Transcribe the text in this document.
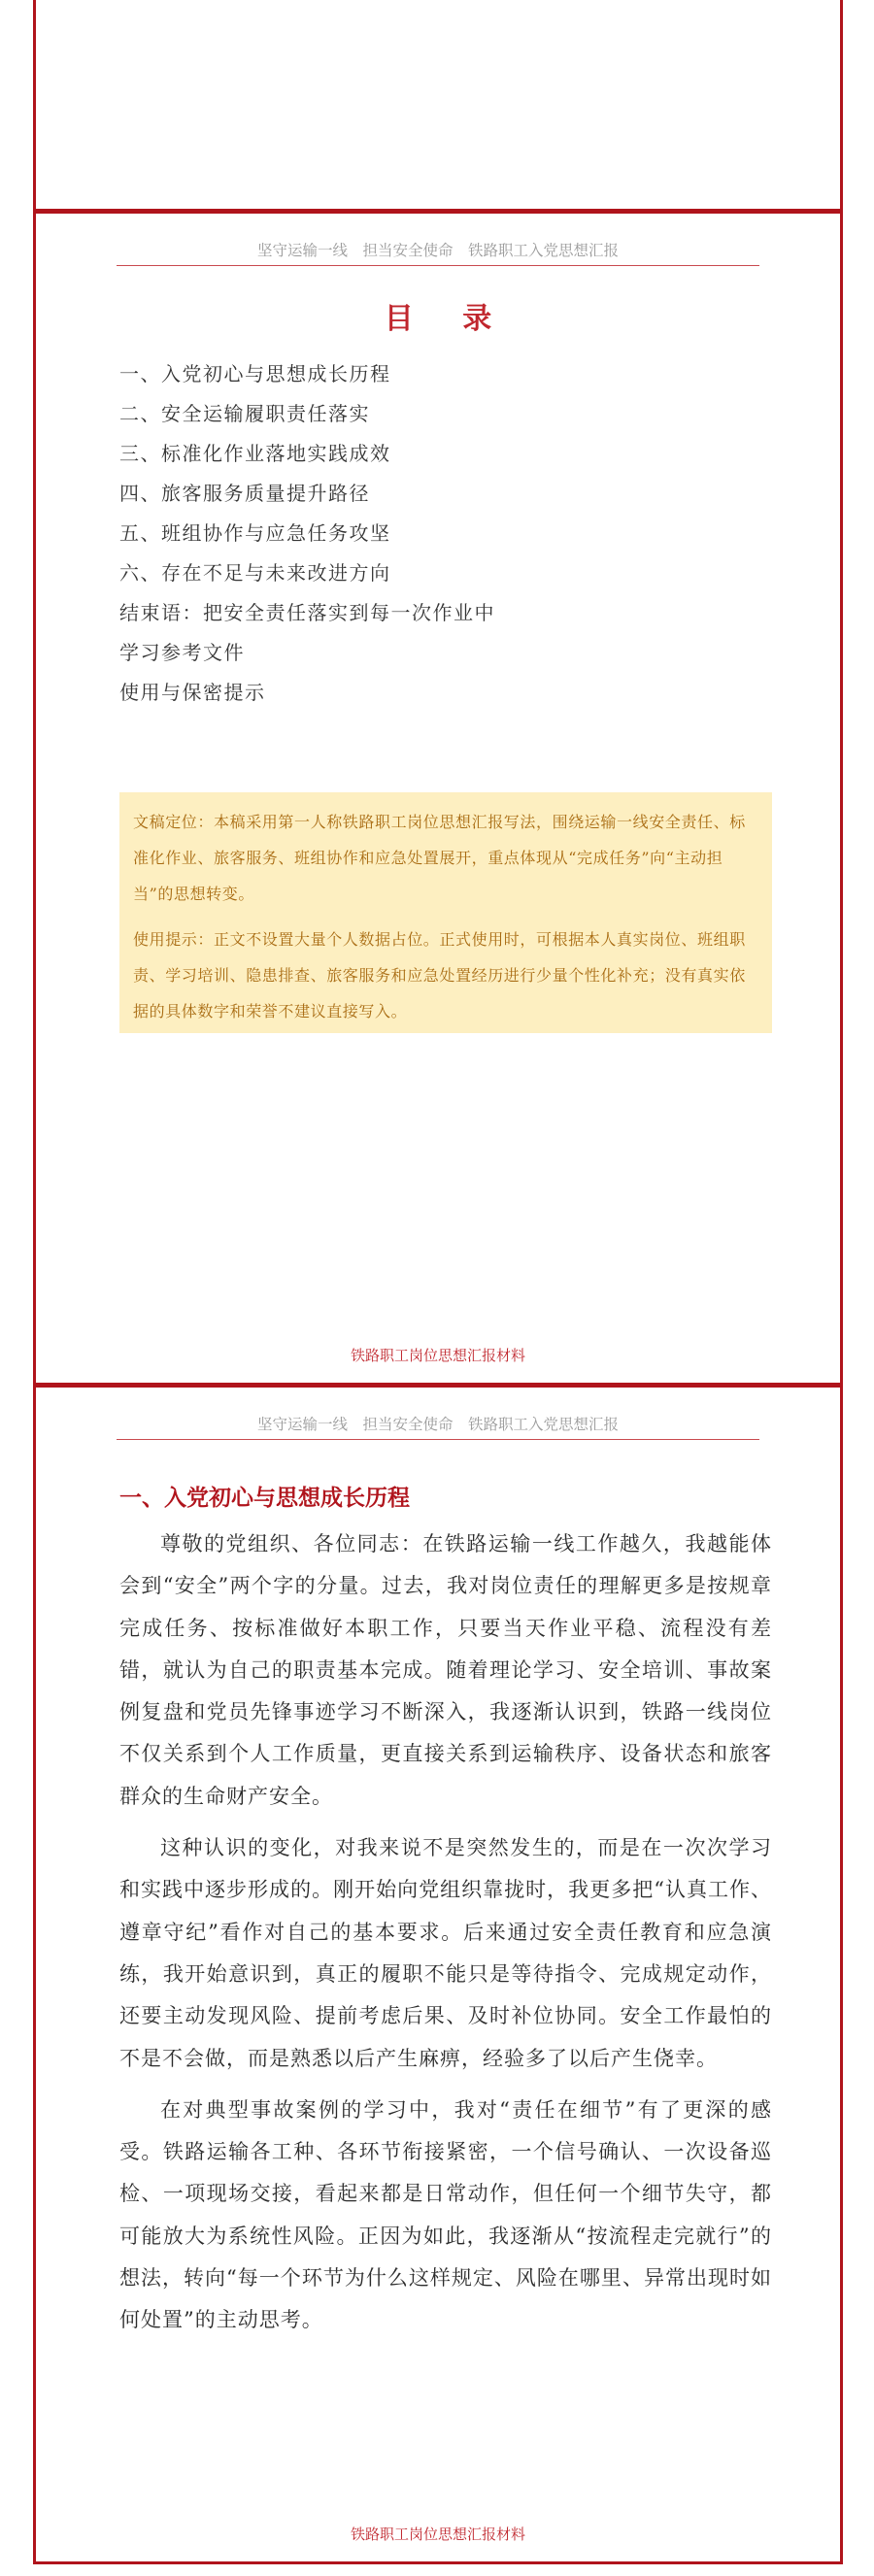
坚守运输一线　担当安全使命　铁路职工入党思想汇报
目 录
一、入党初心与思想成长历程
二、安全运输履职责任落实
三、标准化作业落地实践成效
四、旅客服务质量提升路径
五、班组协作与应急任务攻坚
六、存在不足与未来改进方向
结束语：把安全责任落实到每一次作业中
学习参考文件
使用与保密提示

文稿定位：本稿采用第一人称铁路职工岗位思想汇报写法，围绕运输一线安全责任、标准化作业、旅客服务、班组协作和应急处置展开，重点体现从“完成任务”向“主动担当”的思想转变。

使用提示：正文不设置大量个人数据占位。正式使用时，可根据本人真实岗位、班组职责、学习培训、隐患排查、旅客服务和应急处置经历进行少量个性化补充；没有真实依据的具体数字和荣誉不建议直接写入。

铁路职工岗位思想汇报材料
坚守运输一线　担当安全使命　铁路职工入党思想汇报
一、入党初心与思想成长历程

尊敬的党组织、各位同志：在铁路运输一线工作越久，我越能体会到“安全”两个字的分量。过去，我对岗位责任的理解更多是按规章完成任务、按标准做好本职工作，只要当天作业平稳、流程没有差错，就认为自己的职责基本完成。随着理论学习、安全培训、事故案例复盘和党员先锋事迹学习不断深入，我逐渐认识到，铁路一线岗位不仅关系到个人工作质量，更直接关系到运输秩序、设备状态和旅客群众的生命财产安全。

这种认识的变化，对我来说不是突然发生的，而是在一次次学习和实践中逐步形成的。刚开始向党组织靠拢时，我更多把“认真工作、遵章守纪”看作对自己的基本要求。后来通过安全责任教育和应急演练，我开始意识到，真正的履职不能只是等待指令、完成规定动作，还要主动发现风险、提前考虑后果、及时补位协同。安全工作最怕的不是不会做，而是熟悉以后产生麻痹，经验多了以后产生侥幸。

在对典型事故案例的学习中，我对“责任在细节”有了更深的感受。铁路运输各工种、各环节衔接紧密，一个信号确认、一次设备巡检、一项现场交接，看起来都是日常动作，但任何一个细节失守，都可能放大为系统性风险。正因为如此，我逐渐从“按流程走完就行”的想法，转向“每一个环节为什么这样规定、风险在哪里、异常出现时如何处置”的主动思考。

铁路职工岗位思想汇报材料
